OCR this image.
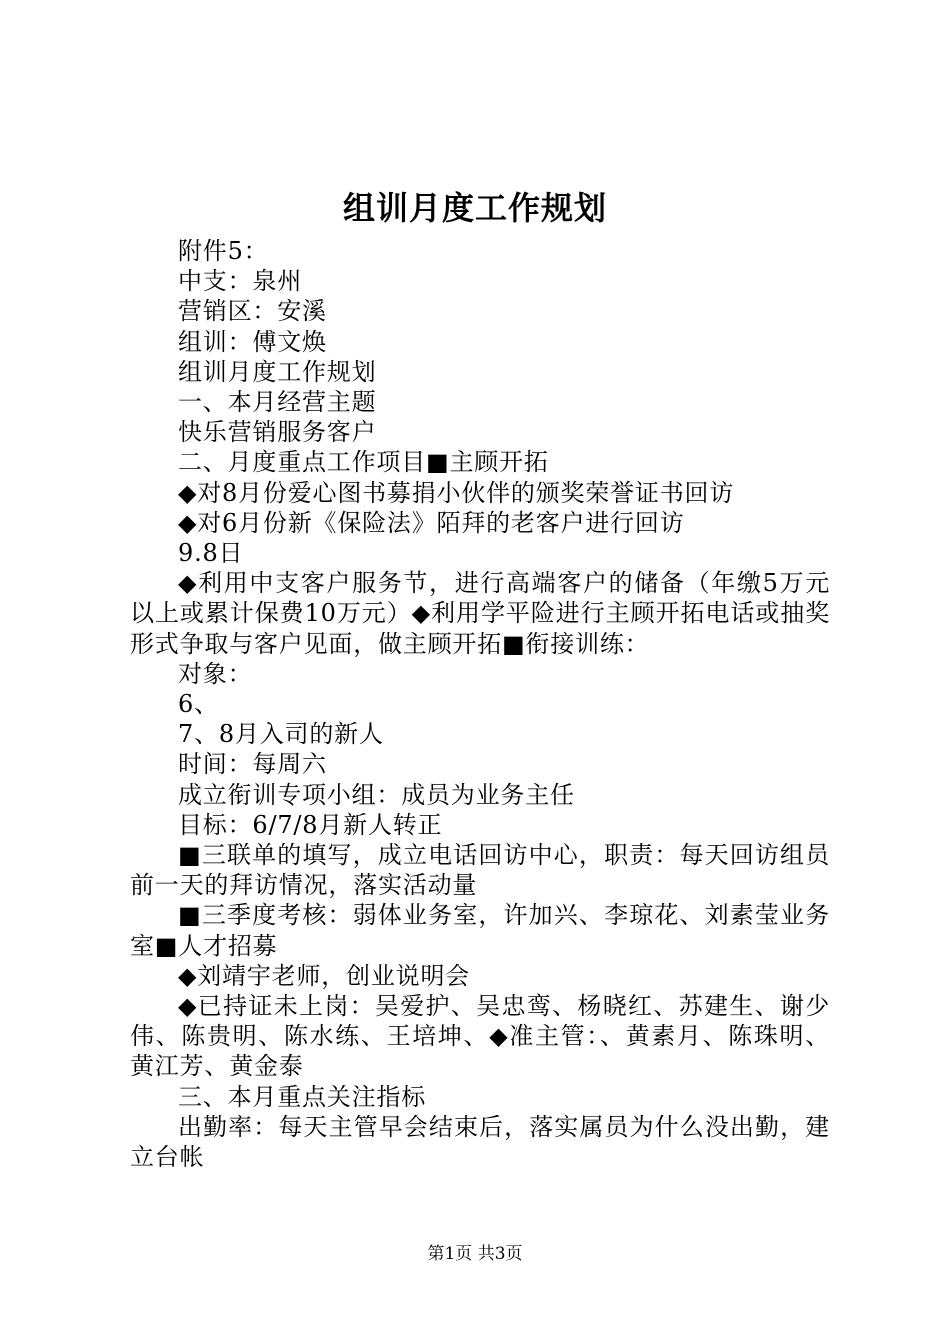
组训月度工作规划

附件5：

中支：泉州

营销区：安溪

组训：傅文焕

组训月度工作规划

一、本月经营主题

快乐营销服务客户

二、月度重点工作项目■主顾开拓

◆对8月份爱心图书募捐小伙伴的颁奖荣誉证书回访

◆对6月份新《保险法》陌拜的老客户进行回访

9.8日

◆利用中支客户服务节，进行高端客户的储备（年缴5万元以上或累计保费10万元）◆利用学平险进行主顾开拓电话或抽奖形式争取与客户见面，做主顾开拓■衔接训练：

对象：

6、

7、8月入司的新人

时间：每周六

成立衔训专项小组：成员为业务主任

目标：6/7/8月新人转正

■三联单的填写，成立电话回访中心，职责：每天回访组员前一天的拜访情况，落实活动量

■三季度考核：弱体业务室，许加兴、李琼花、刘素莹业务室■人才招募

◆刘靖宇老师，创业说明会

◆已持证未上岗：吴爱护、吴忠鸾、杨晓红、苏建生、谢少伟、陈贵明、陈水练、王培坤、◆准主管：、黄素月、陈珠明、黄江芳、黄金泰

三、本月重点关注指标

出勤率：每天主管早会结束后，落实属员为什么没出勤，建立台帐

第1页 共3页
